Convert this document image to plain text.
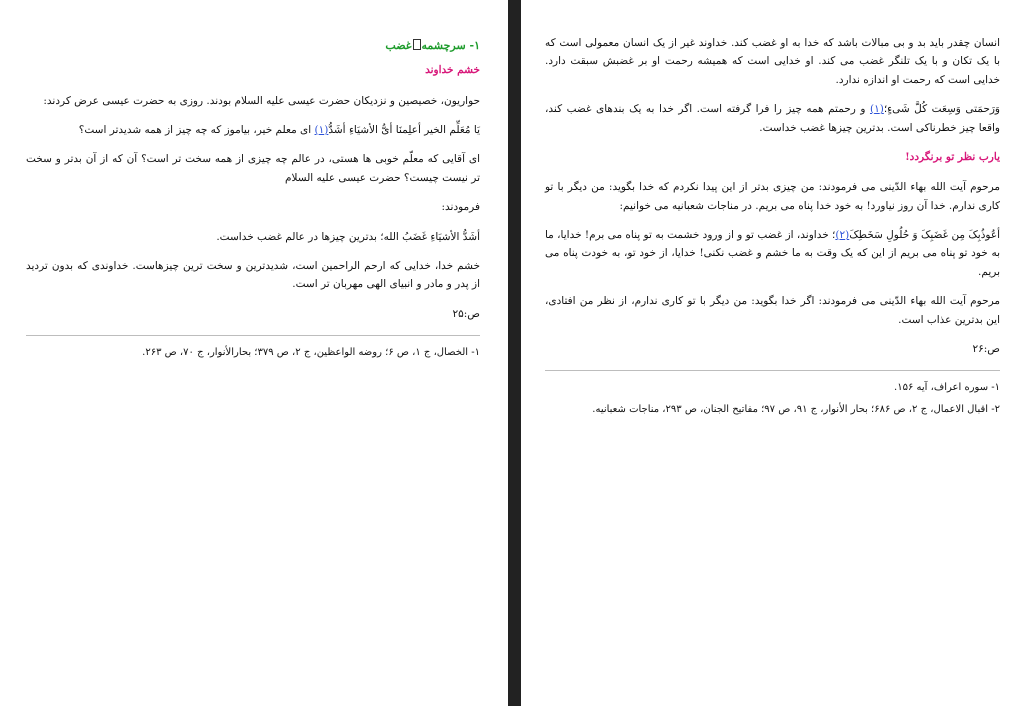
۱- سرچشمهغضب
خشم خداوند

حواریون، خصیصین و نزدیکان حضرت عیسی علیه السلام بودند. روزی به حضرت عیسی عرض کردند:

یَا مُعَلِّم الخیر أعلِمنَا أیُّ الأشیَاءِ أشَدُّ(۱) ای معلم خیر، بیاموز که چه چیز از همه شدیدتر است؟

ای آقایی که معلّم خوبی ها هستی، در عالم چه چیزی از همه سخت تر است؟ آن که از آن بدتر و سخت تر نیست چیست؟ حضرت عیسی علیه السلام

فرمودند:

أشَدُّ الأشیَاءِ غَضَبُ الله؛ بدترین چیزها در عالم غضب خداست.

خشم خدا، خدایی که ارحم الراحمین است، شدیدترین و سخت ترین چیزهاست. خداوندی که بدون تردید از پدر و مادر و انبیای الهی مهربان تر است.

ص:۲۵
۱- الخصال، ج ۱، ص ۶؛ روضه الواعظین، ج ۲، ص ۳۷۹؛ بحارالأنوار، ج ۷۰، ص ۲۶۳.

انسان چقدر باید بد و بی مبالات باشد که خدا به او غضب کند. خداوند غیر از یک انسان معمولی است که با یک تکان و با یک تلنگر غضب می کند. او خدایی است که همیشه رحمت او بر غضبش سبقت دارد. خدایی است که رحمت او اندازه ندارد.

وَرَحمَتی وَسِعَت کُلَّ شَیءٍ؛(۱) و رحمتم همه چیز را فرا گرفته است. اگر خدا به یک بندهای غضب کند، واقعا چیز خطرناکی است. بدترین چیزها غضب خداست.

یارب نظر تو برنگردد!

مرحوم آیت الله بهاء الدّینی می فرمودند: من چیزی بدتر از این پیدا نکردم که خدا بگوید: من دیگر با تو کاری ندارم. خدا آن روز نیاورد! به خود خدا پناه می بریم. در مناجات شعبانیه می خوانیم:

أعُوذُبِکَ مِن غَضَبِکَ وَ حُلُولِ سَخَطِکَ(۲)؛ خداوند، از غضب تو و از ورود خشمت به تو پناه می برم! خدایا، ما به خود تو پناه می بریم از این که یک وقت به ما خشم و غضب نکنی! خدایا، از خود تو، به خودت پناه می بریم.

مرحوم آیت الله بهاء الدّینی می فرمودند: اگر خدا بگوید: من دیگر با تو کاری ندارم، از نظر من افتادی، این بدترین عذاب است.

ص:۲۶
۱- سوره اعراف، آیه ۱۵۶.
۲- اقبال الاعمال، ج ۲، ص ۶۸۶؛ بحار الأنوار، ج ۹۱، ص ۹۷؛ مفاتیح الجنان، ص ۲۹۳، مناجات شعبانیه.
